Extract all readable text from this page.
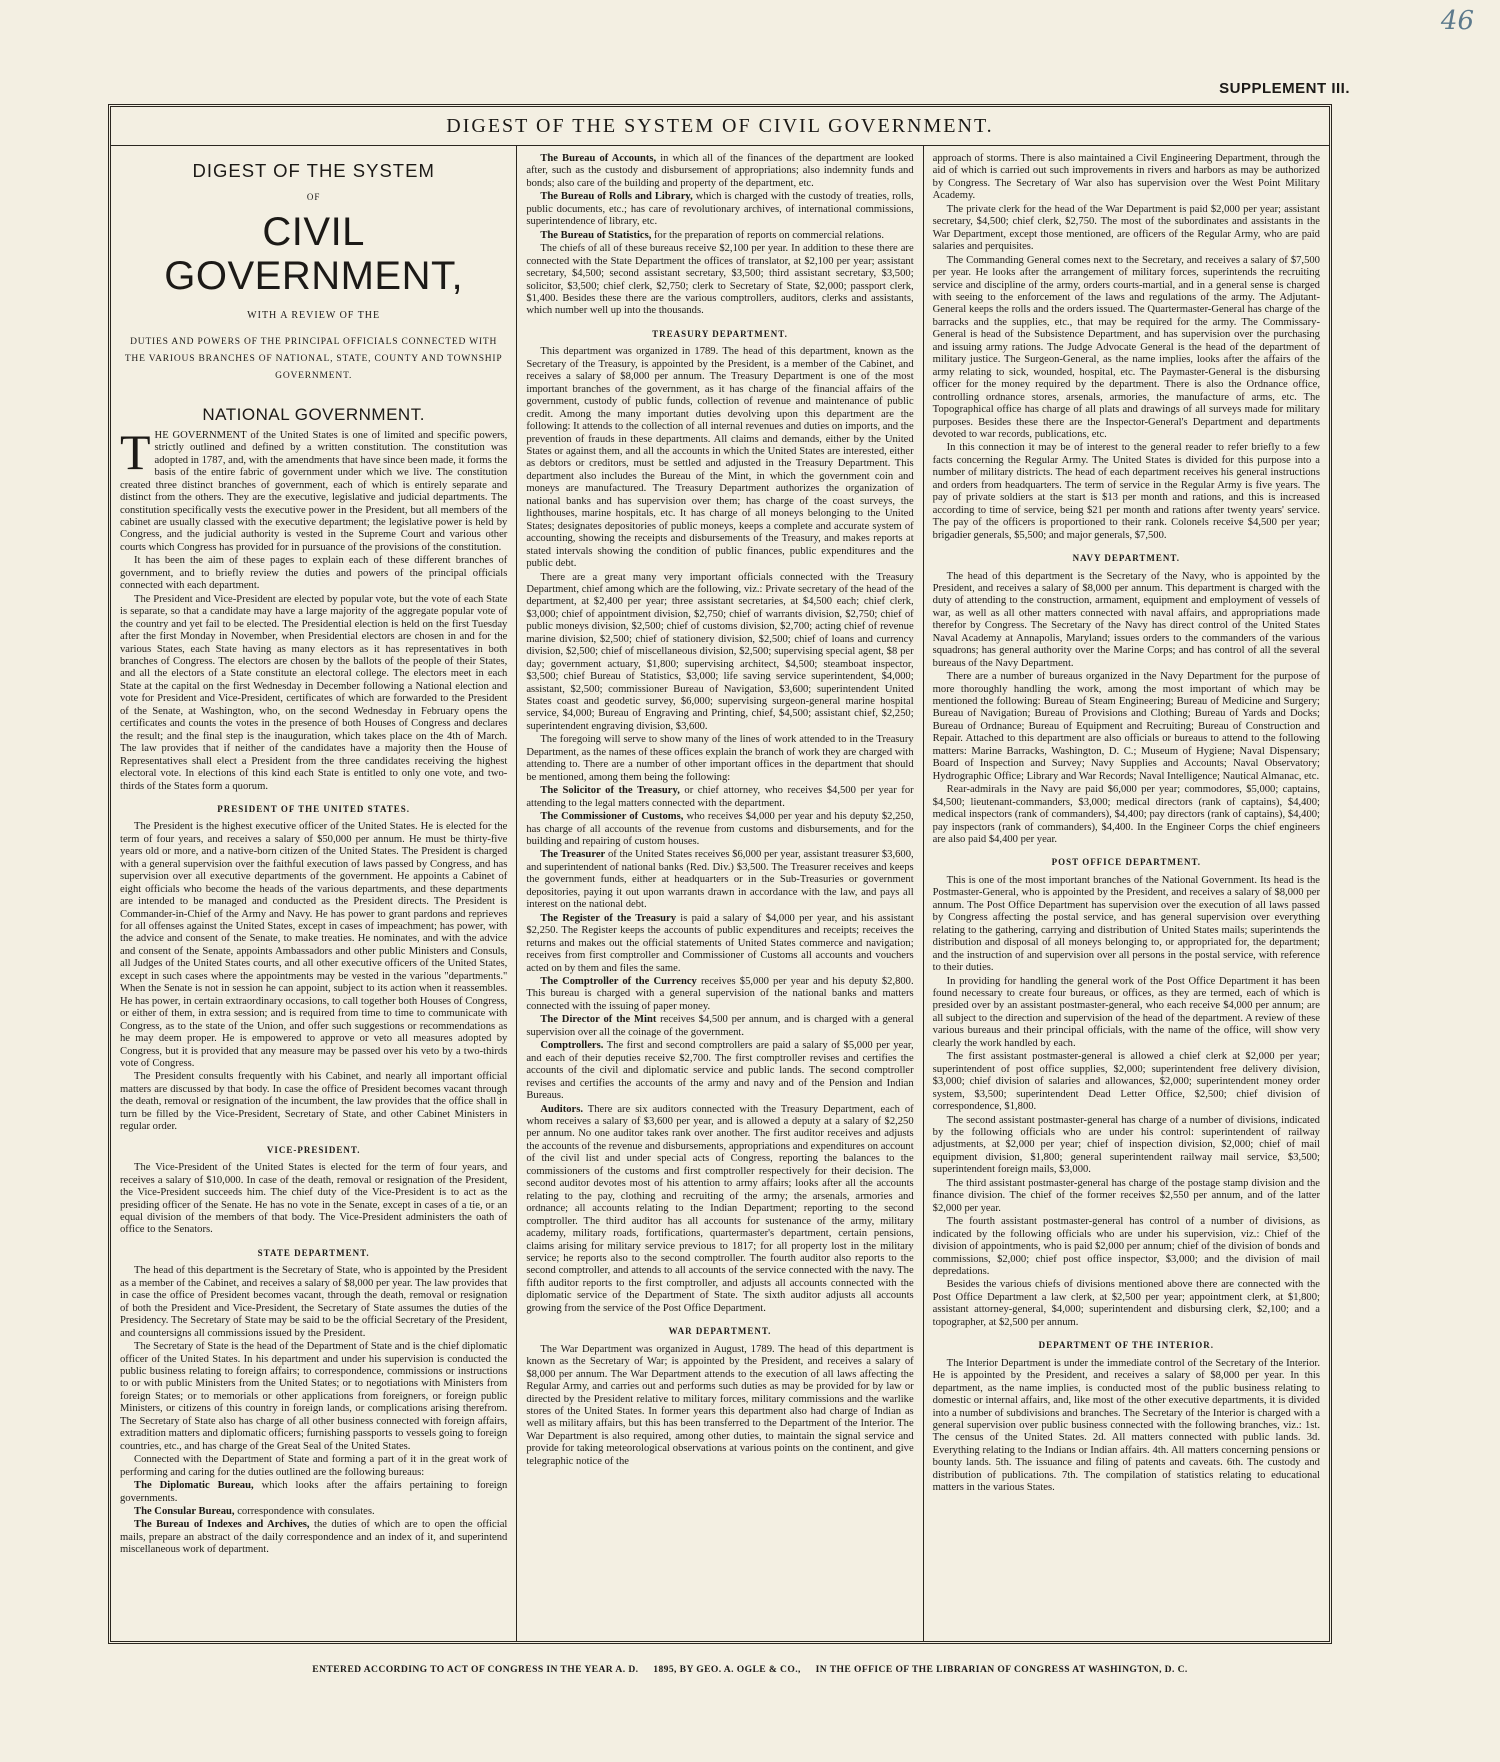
46
SUPPLEMENT III.
DIGEST OF THE SYSTEM OF CIVIL GOVERNMENT.
DIGEST OF THE SYSTEM
OF
CIVIL GOVERNMENT,
WITH A REVIEW OF THE
DUTIES AND POWERS OF THE PRINCIPAL OFFICIALS CONNECTED WITH THE VARIOUS BRANCHES OF NATIONAL, STATE, COUNTY AND TOWNSHIP GOVERNMENT.
NATIONAL GOVERNMENT.

THE GOVERNMENT of the United States is one of limited and specific powers, strictly outlined and defined by a written constitution. The constitution was adopted in 1787, and, with the amendments that have since been made, it forms the basis of the entire fabric of government under which we live. The constitution created three distinct branches of government, each of which is entirely separate and distinct from the others. They are the executive, legislative and judicial departments. The constitution specifically vests the executive power in the President, but all members of the cabinet are usually classed with the executive department; the legislative power is held by Congress, and the judicial authority is vested in the Supreme Court and various other courts which Congress has provided for in pursuance of the provisions of the constitution.

It has been the aim of these pages to explain each of these different branches of government, and to briefly review the duties and powers of the principal officials connected with each department.

The President and Vice-President are elected by popular vote, but the vote of each State is separate, so that a candidate may have a large majority of the aggregate popular vote of the country and yet fail to be elected. The Presidential election is held on the first Tuesday after the first Monday in November, when Presidential electors are chosen in and for the various States, each State having as many electors as it has representatives in both branches of Congress. The electors are chosen by the ballots of the people of their States, and all the electors of a State constitute an electoral college. The electors meet in each State at the capital on the first Wednesday in December following a National election and vote for President and Vice-President, certificates of which are forwarded to the President of the Senate, at Washington, who, on the second Wednesday in February opens the certificates and counts the votes in the presence of both Houses of Congress and declares the result; and the final step is the inauguration, which takes place on the 4th of March. The law provides that if neither of the candidates have a majority then the House of Representatives shall elect a President from the three candidates receiving the highest electoral vote. In elections of this kind each State is entitled to only one vote, and two-thirds of the States form a quorum.

PRESIDENT OF THE UNITED STATES.

The President is the highest executive officer of the United States. He is elected for the term of four years, and receives a salary of $50,000 per annum. He must be thirty-five years old or more, and a native-born citizen of the United States. The President is charged with a general supervision over the faithful execution of laws passed by Congress, and has supervision over all executive departments of the government. He appoints a Cabinet of eight officials who become the heads of the various departments, and these departments are intended to be managed and conducted as the President directs. The President is Commander-in-Chief of the Army and Navy. He has power to grant pardons and reprieves for all offenses against the United States, except in cases of impeachment; has power, with the advice and consent of the Senate, to make treaties. He nominates, and with the advice and consent of the Senate, appoints Ambassadors and other public Ministers and Consuls, all Judges of the United States courts, and all other executive officers of the United States, except in such cases where the appointments may be vested in the various "departments." When the Senate is not in session he can appoint, subject to its action when it reassembles. He has power, in certain extraordinary occasions, to call together both Houses of Congress, or either of them, in extra session; and is required from time to time to communicate with Congress, as to the state of the Union, and offer such suggestions or recommendations as he may deem proper. He is empowered to approve or veto all measures adopted by Congress, but it is provided that any measure may be passed over his veto by a two-thirds vote of Congress.

The President consults frequently with his Cabinet, and nearly all important official matters are discussed by that body. In case the office of President becomes vacant through the death, removal or resignation of the incumbent, the law provides that the office shall in turn be filled by the Vice-President, Secretary of State, and other Cabinet Ministers in regular order.

VICE-PRESIDENT.

The Vice-President of the United States is elected for the term of four years, and receives a salary of $10,000. In case of the death, removal or resignation of the President, the Vice-President succeeds him. The chief duty of the Vice-President is to act as the presiding officer of the Senate. He has no vote in the Senate, except in cases of a tie, or an equal division of the members of that body. The Vice-President administers the oath of office to the Senators.

STATE DEPARTMENT.

The head of this department is the Secretary of State, who is appointed by the President as a member of the Cabinet, and receives a salary of $8,000 per year. The law provides that in case the office of President becomes vacant, through the death, removal or resignation of both the President and Vice-President, the Secretary of State assumes the duties of the Presidency. The Secretary of State may be said to be the official Secretary of the President, and countersigns all commissions issued by the President.

The Secretary of State is the head of the Department of State and is the chief diplomatic officer of the United States. In his department and under his supervision is conducted the public business relating to foreign affairs; to correspondence, commissions or instructions to or with public Ministers from the United States; or to negotiations with Ministers from foreign States; or to memorials or other applications from foreigners, or foreign public Ministers, or citizens of this country in foreign lands, or complications arising therefrom. The Secretary of State also has charge of all other business connected with foreign affairs, extradition matters and diplomatic officers; furnishing passports to vessels going to foreign countries, etc., and has charge of the Great Seal of the United States.

Connected with the Department of State and forming a part of it in the great work of performing and caring for the duties outlined are the following bureaus:

The Diplomatic Bureau, which looks after the affairs pertaining to foreign governments.

The Consular Bureau, correspondence with consulates.

The Bureau of Indexes and Archives, the duties of which are to open the official mails, prepare an abstract of the daily correspondence and an index of it, and superintend miscellaneous work of department.

The Bureau of Accounts, in which all of the finances of the department are looked after, such as the custody and disbursement of appropriations; also indemnity funds and bonds; also care of the building and property of the department, etc.

The Bureau of Rolls and Library, which is charged with the custody of treaties, rolls, public documents, etc.; has care of revolutionary archives, of international commissions, superintendence of library, etc.

The Bureau of Statistics, for the preparation of reports on commercial relations.

The chiefs of all of these bureaus receive $2,100 per year. In addition to these there are connected with the State Department the offices of translator, at $2,100 per year; assistant secretary, $4,500; second assistant secretary, $3,500; third assistant secretary, $3,500; solicitor, $3,500; chief clerk, $2,750; clerk to Secretary of State, $2,000; passport clerk, $1,400. Besides these there are the various comptrollers, auditors, clerks and assistants, which number well up into the thousands.

TREASURY DEPARTMENT.

This department was organized in 1789. The head of this department, known as the Secretary of the Treasury, is appointed by the President, is a member of the Cabinet, and receives a salary of $8,000 per annum. The Treasury Department is one of the most important branches of the government, as it has charge of the financial affairs of the government, custody of public funds, collection of revenue and maintenance of public credit. Among the many important duties devolving upon this department are the following: It attends to the collection of all internal revenues and duties on imports, and the prevention of frauds in these departments. All claims and demands, either by the United States or against them, and all the accounts in which the United States are interested, either as debtors or creditors, must be settled and adjusted in the Treasury Department. This department also includes the Bureau of the Mint, in which the government coin and moneys are manufactured. The Treasury Department authorizes the organization of national banks and has supervision over them; has charge of the coast surveys, the lighthouses, marine hospitals, etc. It has charge of all moneys belonging to the United States; designates depositories of public moneys, keeps a complete and accurate system of accounting, showing the receipts and disbursements of the Treasury, and makes reports at stated intervals showing the condition of public finances, public expenditures and the public debt.

There are a great many very important officials connected with the Treasury Department, chief among which are the following, viz.: Private secretary of the head of the department, at $2,400 per year; three assistant secretaries, at $4,500 each; chief clerk, $3,000; chief of appointment division, $2,750; chief of warrants division, $2,750; chief of public moneys division, $2,500; chief of customs division, $2,700; acting chief of revenue marine division, $2,500; chief of stationery division, $2,500; chief of loans and currency division, $2,500; chief of miscellaneous division, $2,500; supervising special agent, $8 per day; government actuary, $1,800; supervising architect, $4,500; steamboat inspector, $3,500; chief Bureau of Statistics, $3,000; life saving service superintendent, $4,000; assistant, $2,500; commissioner Bureau of Navigation, $3,600; superintendent United States coast and geodetic survey, $6,000; supervising surgeon-general marine hospital service, $4,000; Bureau of Engraving and Printing, chief, $4,500; assistant chief, $2,250; superintendent engraving division, $3,600.

The foregoing will serve to show many of the lines of work attended to in the Treasury Department, as the names of these offices explain the branch of work they are charged with attending to. There are a number of other important offices in the department that should be mentioned, among them being the following:

The Solicitor of the Treasury, or chief attorney, who receives $4,500 per year for attending to the legal matters connected with the department.

The Commissioner of Customs, who receives $4,000 per year and his deputy $2,250, has charge of all accounts of the revenue from customs and disbursements, and for the building and repairing of custom houses.

The Treasurer of the United States receives $6,000 per year, assistant treasurer $3,600, and superintendent of national banks (Red. Div.) $3,500. The Treasurer receives and keeps the government funds, either at headquarters or in the Sub-Treasuries or government depositories, paying it out upon warrants drawn in accordance with the law, and pays all interest on the national debt.

The Register of the Treasury is paid a salary of $4,000 per year, and his assistant $2,250. The Register keeps the accounts of public expenditures and receipts; receives the returns and makes out the official statements of United States commerce and navigation; receives from first comptroller and Commissioner of Customs all accounts and vouchers acted on by them and files the same.

The Comptroller of the Currency receives $5,000 per year and his deputy $2,800. This bureau is charged with a general supervision of the national banks and matters connected with the issuing of paper money.

The Director of the Mint receives $4,500 per annum, and is charged with a general supervision over all the coinage of the government.

Comptrollers. The first and second comptrollers are paid a salary of $5,000 per year, and each of their deputies receive $2,700. The first comptroller revises and certifies the accounts of the civil and diplomatic service and public lands. The second comptroller revises and certifies the accounts of the army and navy and of the Pension and Indian Bureaus.

Auditors. There are six auditors connected with the Treasury Department, each of whom receives a salary of $3,600 per year, and is allowed a deputy at a salary of $2,250 per annum. No one auditor takes rank over another. The first auditor receives and adjusts the accounts of the revenue and disbursements, appropriations and expenditures on account of the civil list and under special acts of Congress, reporting the balances to the commissioners of the customs and first comptroller respectively for their decision. The second auditor devotes most of his attention to army affairs; looks after all the accounts relating to the pay, clothing and recruiting of the army; the arsenals, armories and ordnance; all accounts relating to the Indian Department; reporting to the second comptroller. The third auditor has all accounts for sustenance of the army, military academy, military roads, fortifications, quartermaster's department, certain pensions, claims arising for military service previous to 1817; for all property lost in the military service; he reports also to the second comptroller. The fourth auditor also reports to the second comptroller, and attends to all accounts of the service connected with the navy. The fifth auditor reports to the first comptroller, and adjusts all accounts connected with the diplomatic service of the Department of State. The sixth auditor adjusts all accounts growing from the service of the Post Office Department.

WAR DEPARTMENT.

The War Department was organized in August, 1789. The head of this department is known as the Secretary of War; is appointed by the President, and receives a salary of $8,000 per annum. The War Department attends to the execution of all laws affecting the Regular Army, and carries out and performs such duties as may be provided for by law or directed by the President relative to military forces, military commissions and the warlike stores of the United States. In former years this department also had charge of Indian as well as military affairs, but this has been transferred to the Department of the Interior. The War Department is also required, among other duties, to maintain the signal service and provide for taking meteorological observations at various points on the continent, and give telegraphic notice of the

approach of storms. There is also maintained a Civil Engineering Department, through the aid of which is carried out such improvements in rivers and harbors as may be authorized by Congress. The Secretary of War also has supervision over the West Point Military Academy.

The private clerk for the head of the War Department is paid $2,000 per year; assistant secretary, $4,500; chief clerk, $2,750. The most of the subordinates and assistants in the War Department, except those mentioned, are officers of the Regular Army, who are paid salaries and perquisites.

The Commanding General comes next to the Secretary, and receives a salary of $7,500 per year. He looks after the arrangement of military forces, superintends the recruiting service and discipline of the army, orders courts-martial, and in a general sense is charged with seeing to the enforcement of the laws and regulations of the army. The Adjutant-General keeps the rolls and the orders issued. The Quartermaster-General has charge of the barracks and the supplies, etc., that may be required for the army. The Commissary-General is head of the Subsistence Department, and has supervision over the purchasing and issuing army rations. The Judge Advocate General is the head of the department of military justice. The Surgeon-General, as the name implies, looks after the affairs of the army relating to sick, wounded, hospital, etc. The Paymaster-General is the disbursing officer for the money required by the department. There is also the Ordnance office, controlling ordnance stores, arsenals, armories, the manufacture of arms, etc. The Topographical office has charge of all plats and drawings of all surveys made for military purposes. Besides these there are the Inspector-General's Department and departments devoted to war records, publications, etc.

In this connection it may be of interest to the general reader to refer briefly to a few facts concerning the Regular Army. The United States is divided for this purpose into a number of military districts. The head of each department receives his general instructions and orders from headquarters. The term of service in the Regular Army is five years. The pay of private soldiers at the start is $13 per month and rations, and this is increased according to time of service, being $21 per month and rations after twenty years' service. The pay of the officers is proportioned to their rank. Colonels receive $4,500 per year; brigadier generals, $5,500; and major generals, $7,500.

NAVY DEPARTMENT.

The head of this department is the Secretary of the Navy, who is appointed by the President, and receives a salary of $8,000 per annum. This department is charged with the duty of attending to the construction, armament, equipment and employment of vessels of war, as well as all other matters connected with naval affairs, and appropriations made therefor by Congress. The Secretary of the Navy has direct control of the United States Naval Academy at Annapolis, Maryland; issues orders to the commanders of the various squadrons; has general authority over the Marine Corps; and has control of all the several bureaus of the Navy Department.

There are a number of bureaus organized in the Navy Department for the purpose of more thoroughly handling the work, among the most important of which may be mentioned the following: Bureau of Steam Engineering; Bureau of Medicine and Surgery; Bureau of Navigation; Bureau of Provisions and Clothing; Bureau of Yards and Docks; Bureau of Ordnance; Bureau of Equipment and Recruiting; Bureau of Construction and Repair. Attached to this department are also officials or bureaus to attend to the following matters: Marine Barracks, Washington, D. C.; Museum of Hygiene; Naval Dispensary; Board of Inspection and Survey; Navy Supplies and Accounts; Naval Observatory; Hydrographic Office; Library and War Records; Naval Intelligence; Nautical Almanac, etc.

Rear-admirals in the Navy are paid $6,000 per year; commodores, $5,000; captains, $4,500; lieutenant-commanders, $3,000; medical directors (rank of captains), $4,400; medical inspectors (rank of commanders), $4,400; pay directors (rank of captains), $4,400; pay inspectors (rank of commanders), $4,400. In the Engineer Corps the chief engineers are also paid $4,400 per year.

POST OFFICE DEPARTMENT.

This is one of the most important branches of the National Government. Its head is the Postmaster-General, who is appointed by the President, and receives a salary of $8,000 per annum. The Post Office Department has supervision over the execution of all laws passed by Congress affecting the postal service, and has general supervision over everything relating to the gathering, carrying and distribution of United States mails; superintends the distribution and disposal of all moneys belonging to, or appropriated for, the department; and the instruction of and supervision over all persons in the postal service, with reference to their duties.

In providing for handling the general work of the Post Office Department it has been found necessary to create four bureaus, or offices, as they are termed, each of which is presided over by an assistant postmaster-general, who each receive $4,000 per annum; are all subject to the direction and supervision of the head of the department. A review of these various bureaus and their principal officials, with the name of the office, will show very clearly the work handled by each.

The first assistant postmaster-general is allowed a chief clerk at $2,000 per year; superintendent of post office supplies, $2,000; superintendent free delivery division, $3,000; chief division of salaries and allowances, $2,000; superintendent money order system, $3,500; superintendent Dead Letter Office, $2,500; chief division of correspondence, $1,800.

The second assistant postmaster-general has charge of a number of divisions, indicated by the following officials who are under his control: superintendent of railway adjustments, at $2,000 per year; chief of inspection division, $2,000; chief of mail equipment division, $1,800; general superintendent railway mail service, $3,500; superintendent foreign mails, $3,000.

The third assistant postmaster-general has charge of the postage stamp division and the finance division. The chief of the former receives $2,550 per annum, and of the latter $2,000 per year.

The fourth assistant postmaster-general has control of a number of divisions, as indicated by the following officials who are under his supervision, viz.: Chief of the division of appointments, who is paid $2,000 per annum; chief of the division of bonds and commissions, $2,000; chief post office inspector, $3,000; and the division of mail depredations.

Besides the various chiefs of divisions mentioned above there are connected with the Post Office Department a law clerk, at $2,500 per year; appointment clerk, at $1,800; assistant attorney-general, $4,000; superintendent and disbursing clerk, $2,100; and a topographer, at $2,500 per annum.

DEPARTMENT OF THE INTERIOR.

The Interior Department is under the immediate control of the Secretary of the Interior. He is appointed by the President, and receives a salary of $8,000 per year. In this department, as the name implies, is conducted most of the public business relating to domestic or internal affairs, and, like most of the other executive departments, it is divided into a number of subdivisions and branches. The Secretary of the Interior is charged with a general supervision over public business connected with the following branches, viz.: 1st. The census of the United States. 2d. All matters connected with public lands. 3d. Everything relating to the Indians or Indian affairs. 4th. All matters concerning pensions or bounty lands. 5th. The issuance and filing of patents and caveats. 6th. The custody and distribution of publications. 7th. The compilation of statistics relating to educational matters in the various States.

ENTERED ACCORDING TO ACT OF CONGRESS IN THE YEAR A. D. 1895, BY GEO. A. OGLE & CO., IN THE OFFICE OF THE LIBRARIAN OF CONGRESS AT WASHINGTON, D. C.
